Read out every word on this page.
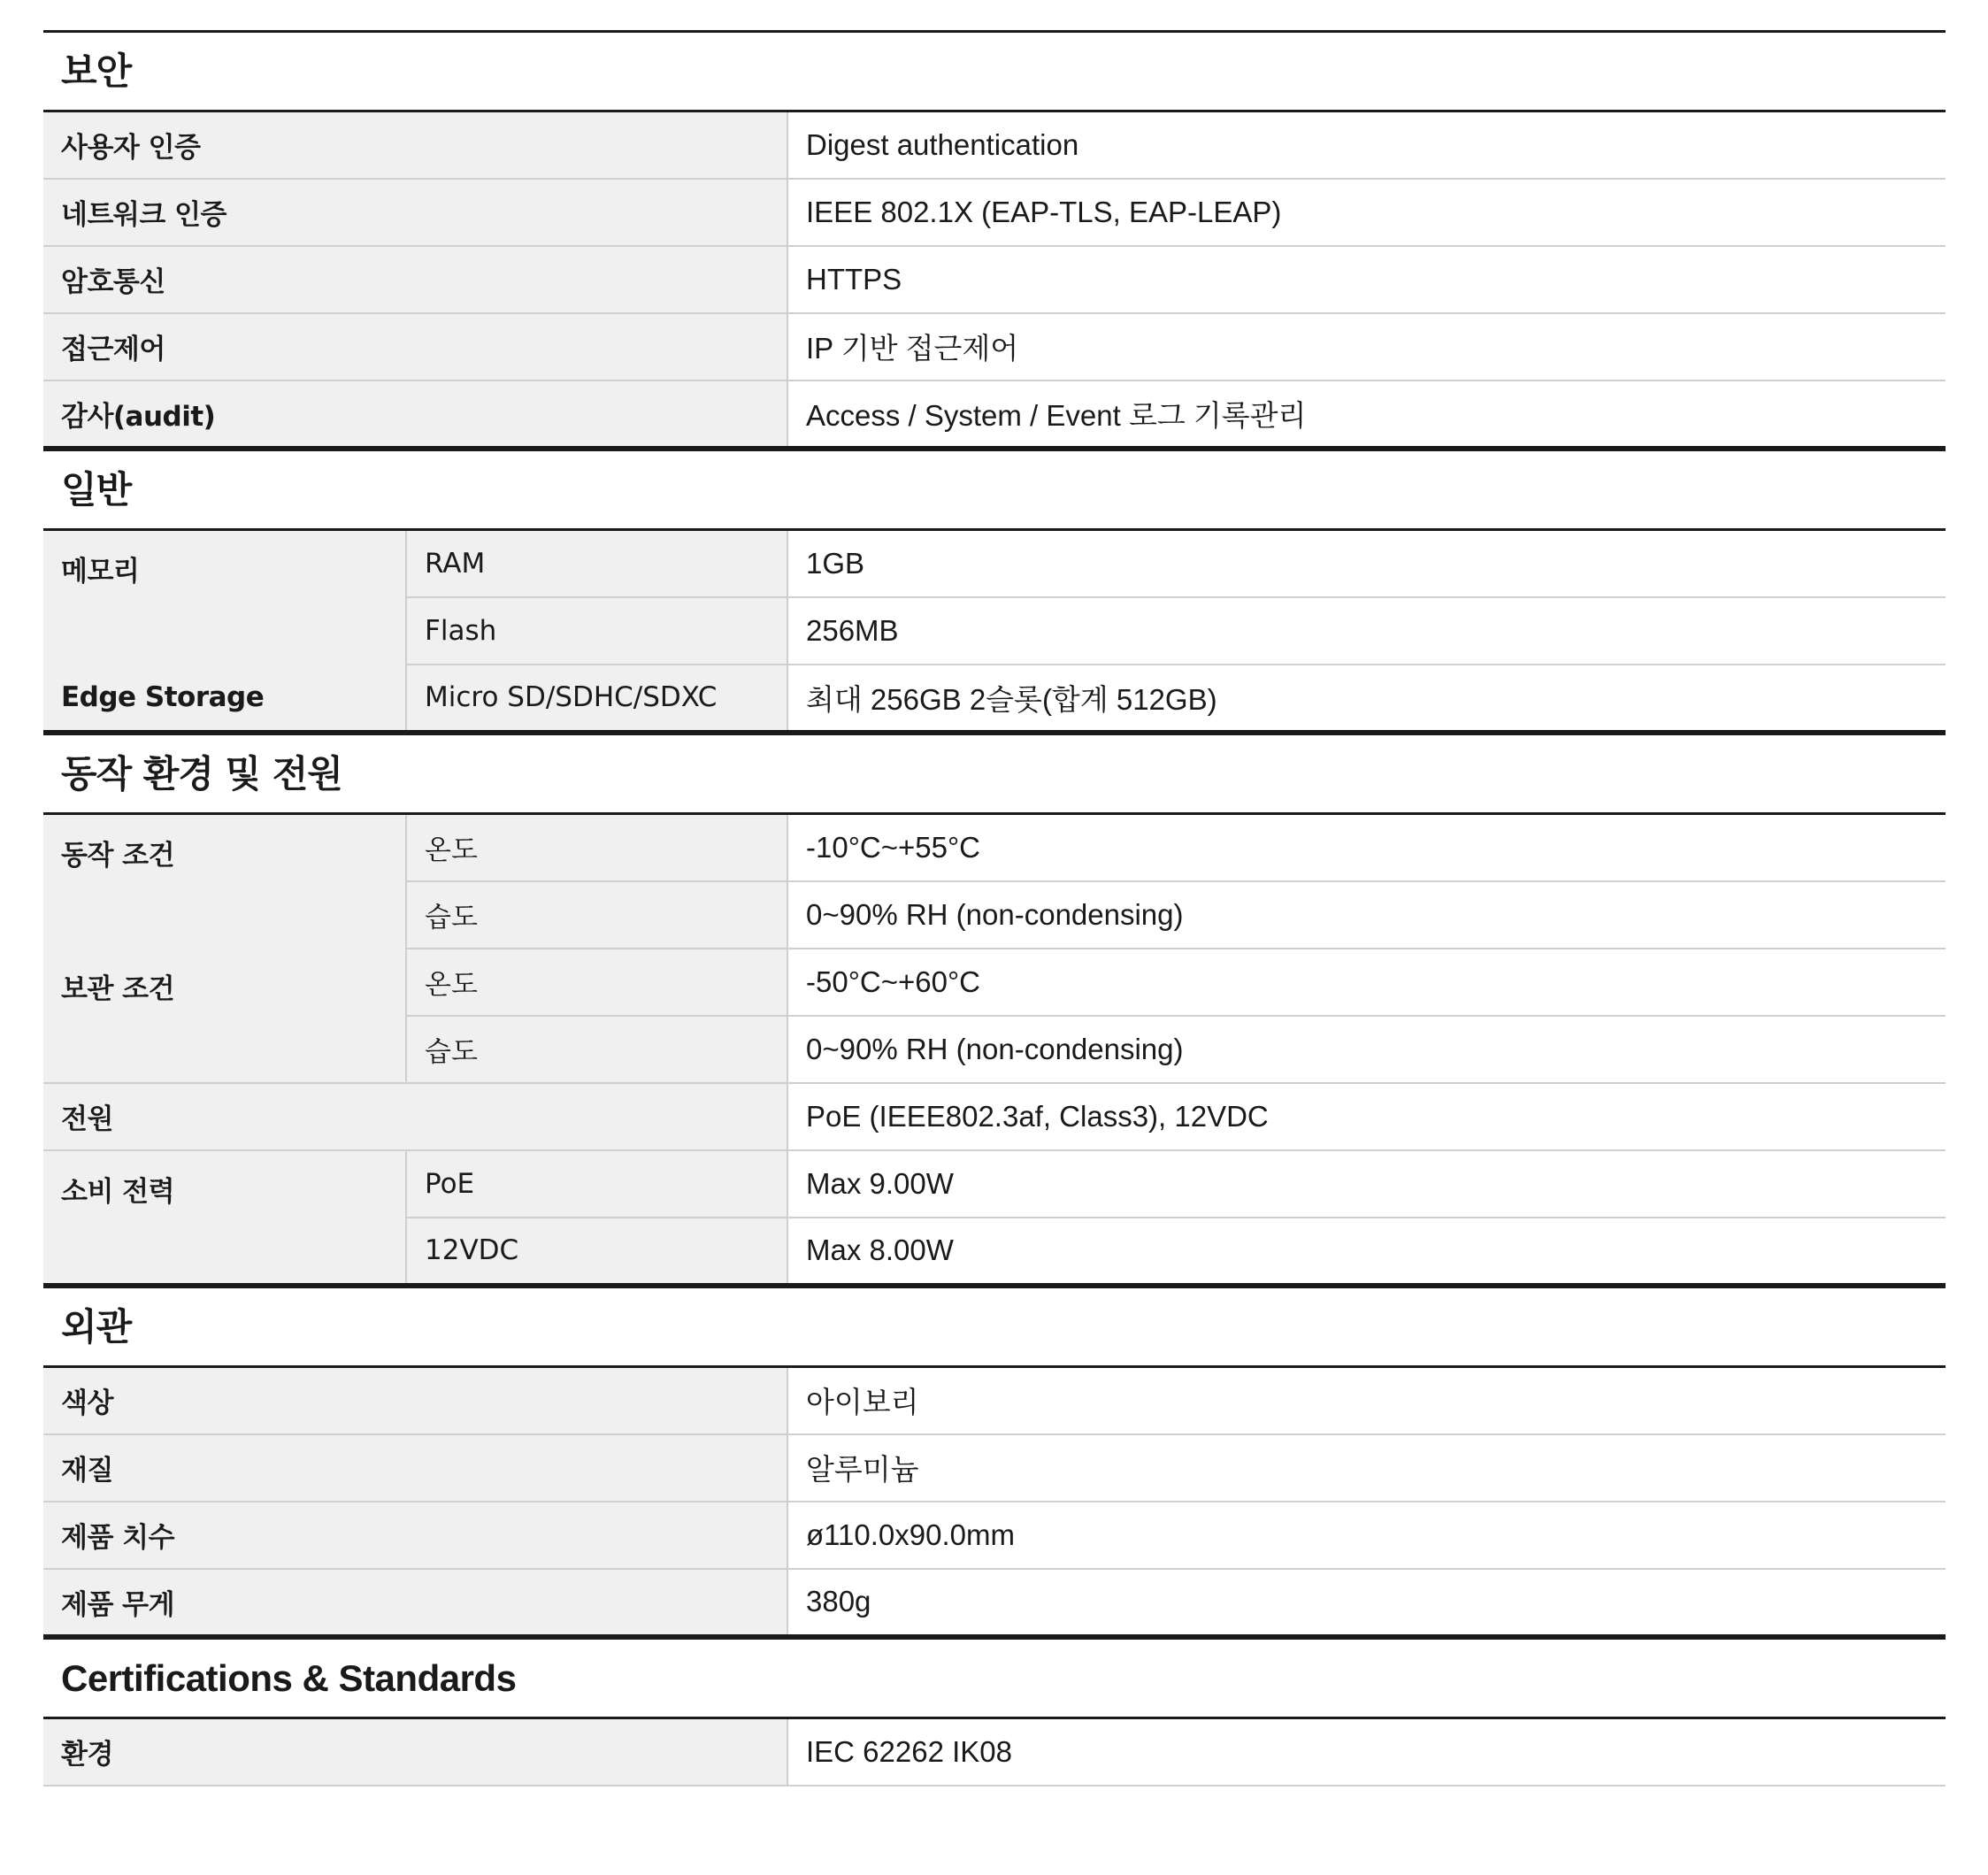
보안
사용자 인증	Digest authentication
네트워크 인증	IEEE 802.1X (EAP-TLS, EAP-LEAP)
암호통신	HTTPS
접근제어	IP 기반 접근제어
감사(audit)	Access / System / Event 로그 기록관리
일반
메모리	RAM	1GB
	Flash	256MB
Edge Storage	Micro SD/SDHC/SDXC	최대 256GB 2슬롯(합계 512GB)
동작 환경 및 전원
동작 조건	온도	-10°C~+55°C
	습도	0~90% RH (non-condensing)
보관 조건	온도	-50°C~+60°C
	습도	0~90% RH (non-condensing)
전원		PoE (IEEE802.3af, Class3), 12VDC
소비 전력	PoE	Max 9.00W
	12VDC	Max 8.00W
외관
색상	아이보리
재질	알루미늄
제품 치수	ø110.0x90.0mm
제품 무게	380g
Certifications & Standards
환경	IEC 62262 IK08
